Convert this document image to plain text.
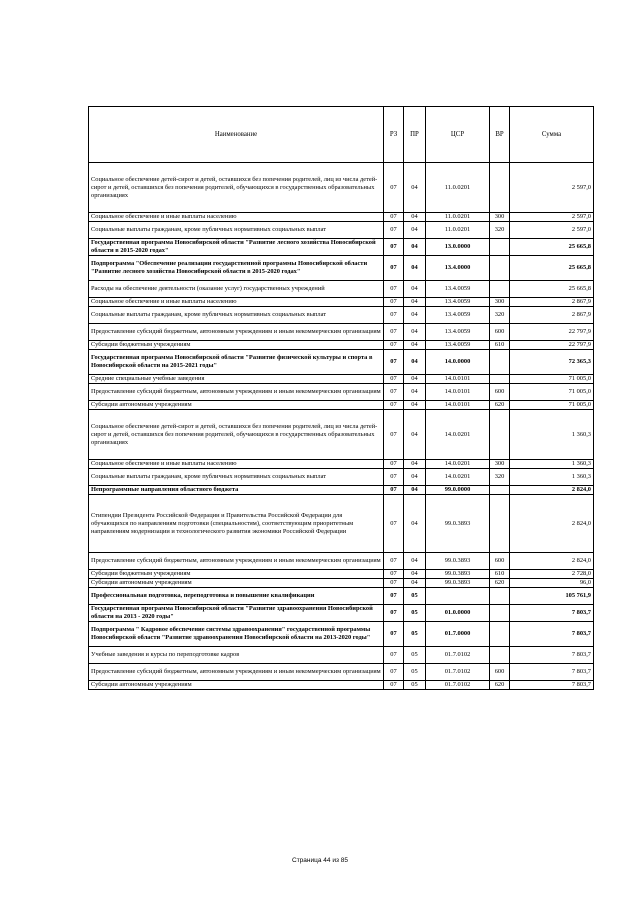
Наименование	РЗ	ПР	ЦСР	ВР	Сумма
Социальное обеспечение детей-сирот и детей, оставшихся без попечения родителей, лиц из числа детей-сирот и детей, оставшихся без попечения родителей, обучающихся в государственных образовательных организациях	07	04	11.0.0201		2 597,0
Социальное обеспечение и иные выплаты населению	07	04	11.0.0201	300	2 597,0
Социальные выплаты гражданам, кроме публичных нормативных социальных выплат	07	04	11.0.0201	320	2 597,0
Государственная программа Новосибирской области "Развитие лесного хозяйства Новосибирской области в 2015-2020 годах"	07	04	13.0.0000		25 665,8
Подпрограмма "Обеспечение реализации государственной программы Новосибирской области "Развитие лесного хозяйства Новосибирской области в 2015-2020 годах"	07	04	13.4.0000		25 665,8
Расходы на обеспечение деятельности (оказание услуг) государственных учреждений	07	04	13.4.0059		25 665,8
Социальное обеспечение и иные выплаты населению	07	04	13.4.0059	300	2 867,9
Социальные выплаты гражданам, кроме публичных нормативных социальных выплат	07	04	13.4.0059	320	2 867,9
Предоставление субсидий бюджетным, автономным учреждениям и иным некоммерческим организациям	07	04	13.4.0059	600	22 797,9
Субсидии бюджетным учреждениям	07	04	13.4.0059	610	22 797,9
Государственная программа Новосибирской области "Развитие физической культуры и спорта в Новосибирской области на 2015-2021 годы"	07	04	14.0.0000		72 365,3
Средние специальные учебные заведения	07	04	14.0.0101		71 005,0
Предоставление субсидий бюджетным, автономным учреждениям и иным некоммерческим организациям	07	04	14.0.0101	600	71 005,0
Субсидии автономным учреждениям	07	04	14.0.0101	620	71 005,0
Социальное обеспечение детей-сирот и детей, оставшихся без попечения родителей, лиц из числа детей-сирот и детей, оставшихся без попечения родителей, обучающихся в государственных образовательных организациях	07	04	14.0.0201		1 360,3
Социальное обеспечение и иные выплаты населению	07	04	14.0.0201	300	1 360,3
Социальные выплаты гражданам, кроме публичных нормативных социальных выплат	07	04	14.0.0201	320	1 360,3
Непрограммные направления областного бюджета	07	04	99.0.0000		2 824,0
Стипендии Президента Российской Федерации и Правительства Российской Федерации для обучающихся по направлениям подготовки (специальностям), соответствующим приоритетным направлениям модернизации и технологического развития экономики Российской Федерации	07	04	99.0.3893		2 824,0
Предоставление субсидий бюджетным, автономным учреждениям и иным некоммерческим организациям	07	04	99.0.3893	600	2 824,0
Субсидии бюджетным учреждениям	07	04	99.0.3893	610	2 728,0
Субсидии автономным учреждениям	07	04	99.0.3893	620	96,0
Профессиональная подготовка, переподготовка и повышение квалификации	07	05			105 761,9
Государственная программа Новосибирской области "Развитие здравоохранения Новосибирской области на 2013 - 2020 годы"	07	05	01.0.0000		7 803,7
Подпрограмма " Кадровое обеспечение системы здравоохранения" государственной программы Новосибирской области "Развитие здравоохранения Новосибирской области на 2013-2020 годы"	07	05	01.7.0000		7 803,7
Учебные заведения и курсы по переподготовке кадров	07	05	01.7.0102		7 803,7
Предоставление субсидий бюджетным, автономным учреждениям и иным некоммерческим организациям	07	05	01.7.0102	600	7 803,7
Субсидии автономным учреждениям	07	05	01.7.0102	620	7 803,7
Страница 44 из 85
